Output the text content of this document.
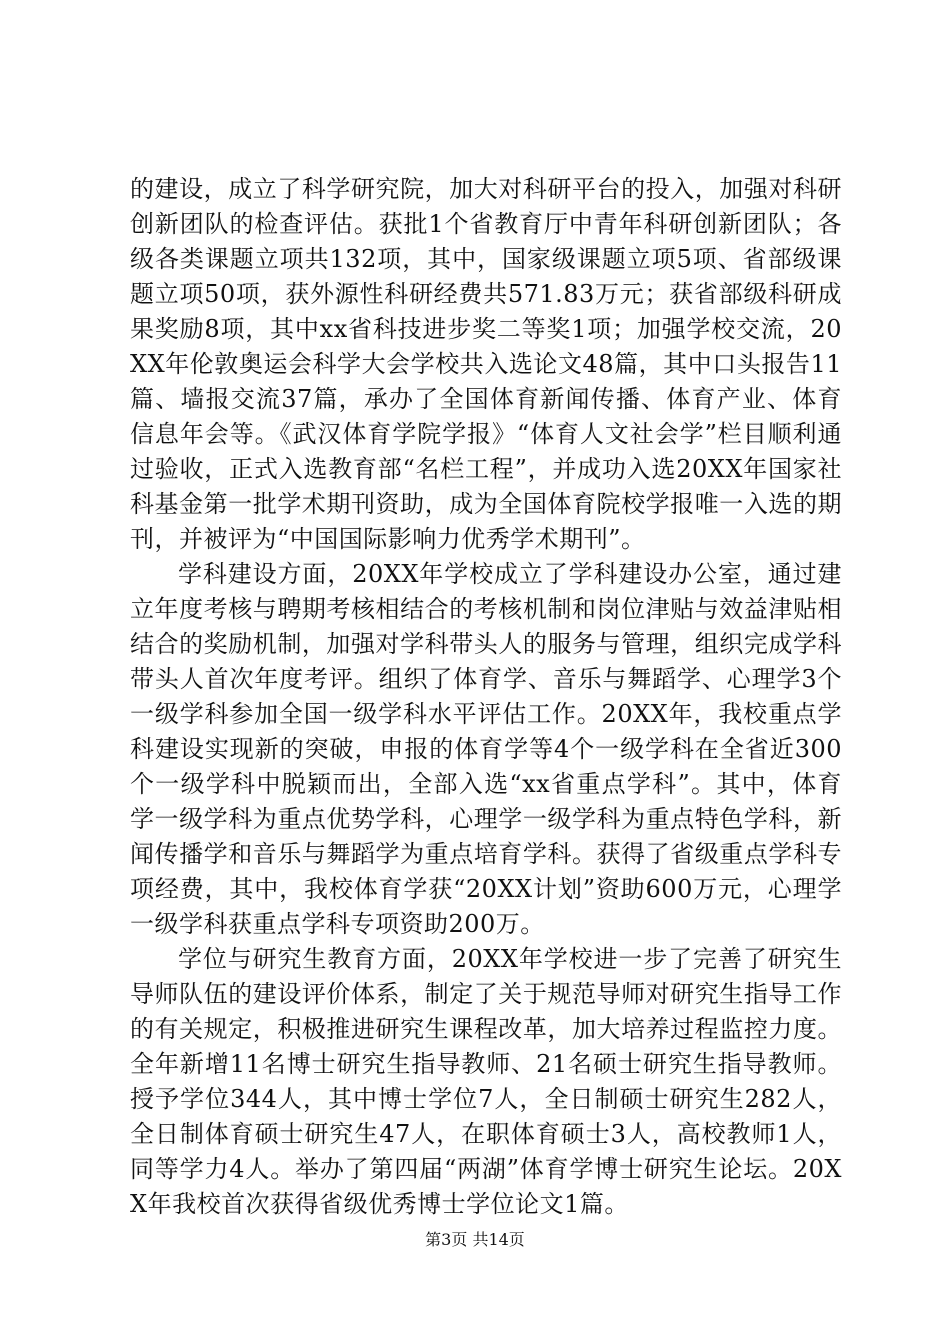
的建设，成立了科学研究院，加大对科研平台的投入，加强对科研创新团队的检查评估。获批1个省教育厅中青年科研创新团队；各级各类课题立项共132项，其中，国家级课题立项5项、省部级课题立项50项，获外源性科研经费共571.83万元；获省部级科研成果奖励8项，其中xx省科技进步奖二等奖1项；加强学校交流，20XX年伦敦奥运会科学大会学校共入选论文48篇，其中口头报告11篇、墙报交流37篇，承办了全国体育新闻传播、体育产业、体育信息年会等。《武汉体育学院学报》“体育人文社会学”栏目顺利通过验收，正式入选教育部“名栏工程”，并成功入选20XX年国家社科基金第一批学术期刊资助，成为全国体育院校学报唯一入选的期刊，并被评为“中国国际影响力优秀学术期刊”。

学科建设方面，20XX年学校成立了学科建设办公室，通过建立年度考核与聘期考核相结合的考核机制和岗位津贴与效益津贴相结合的奖励机制，加强对学科带头人的服务与管理，组织完成学科带头人首次年度考评。组织了体育学、音乐与舞蹈学、心理学3个一级学科参加全国一级学科水平评估工作。20XX年，我校重点学科建设实现新的突破，申报的体育学等4个一级学科在全省近300个一级学科中脱颖而出，全部入选“xx省重点学科”。其中，体育学一级学科为重点优势学科，心理学一级学科为重点特色学科，新闻传播学和音乐与舞蹈学为重点培育学科。获得了省级重点学科专项经费，其中，我校体育学获“20XX计划”资助600万元，心理学一级学科获重点学科专项资助200万。

学位与研究生教育方面，20XX年学校进一步了完善了研究生导师队伍的建设评价体系，制定了关于规范导师对研究生指导工作的有关规定，积极推进研究生课程改革，加大培养过程监控力度。全年新增11名博士研究生指导教师、21名硕士研究生指导教师。授予学位344人，其中博士学位7人，全日制硕士研究生282人，全日制体育硕士研究生47人，在职体育硕士3人，高校教师1人，同等学力4人。举办了第四届“两湖”体育学博士研究生论坛。20XX年我校首次获得省级优秀博士学位论文1篇。

第3页 共14页
